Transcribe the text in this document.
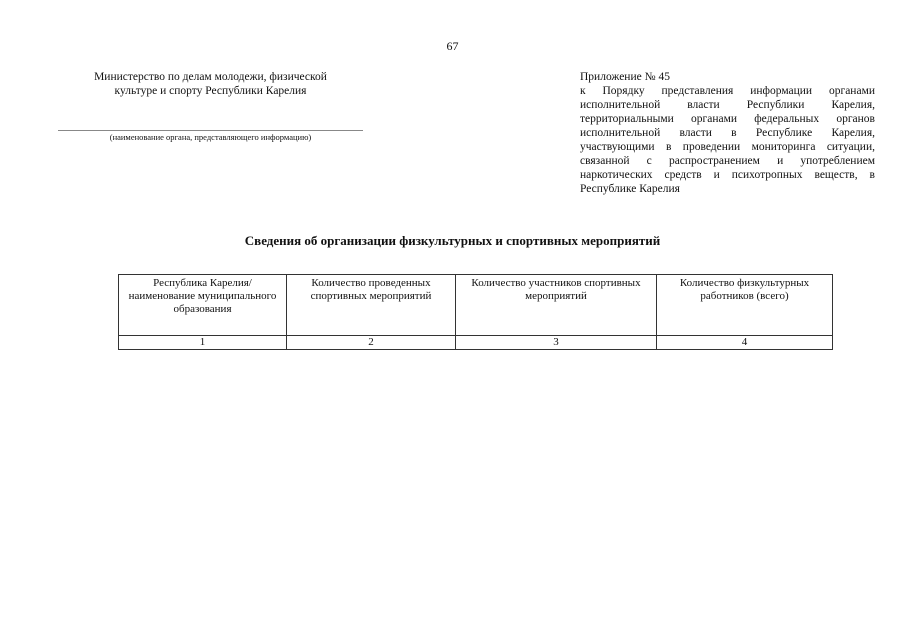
67
Министерство по делам молодежи, физической
культуре и спорту Республики Карелия
(наименование органа, представляющего информацию)

Приложение № 45

к Порядку представления информации органами исполнительной власти Республики Карелия, территориальными органами федеральных органов исполнительной власти в Республике Карелия, участвующими в проведении мониторинга ситуации, связанной с распространением и употреблением наркотических средств и психотропных веществ, в Республике Карелия

Сведения об организации физкультурных и спортивных мероприятий
Республика Карелия/ наименование муниципального образования	Количество проведенных спортивных мероприятий	Количество участников спортивных мероприятий	Количество физкультурных работников (всего)
1	2	3	4
